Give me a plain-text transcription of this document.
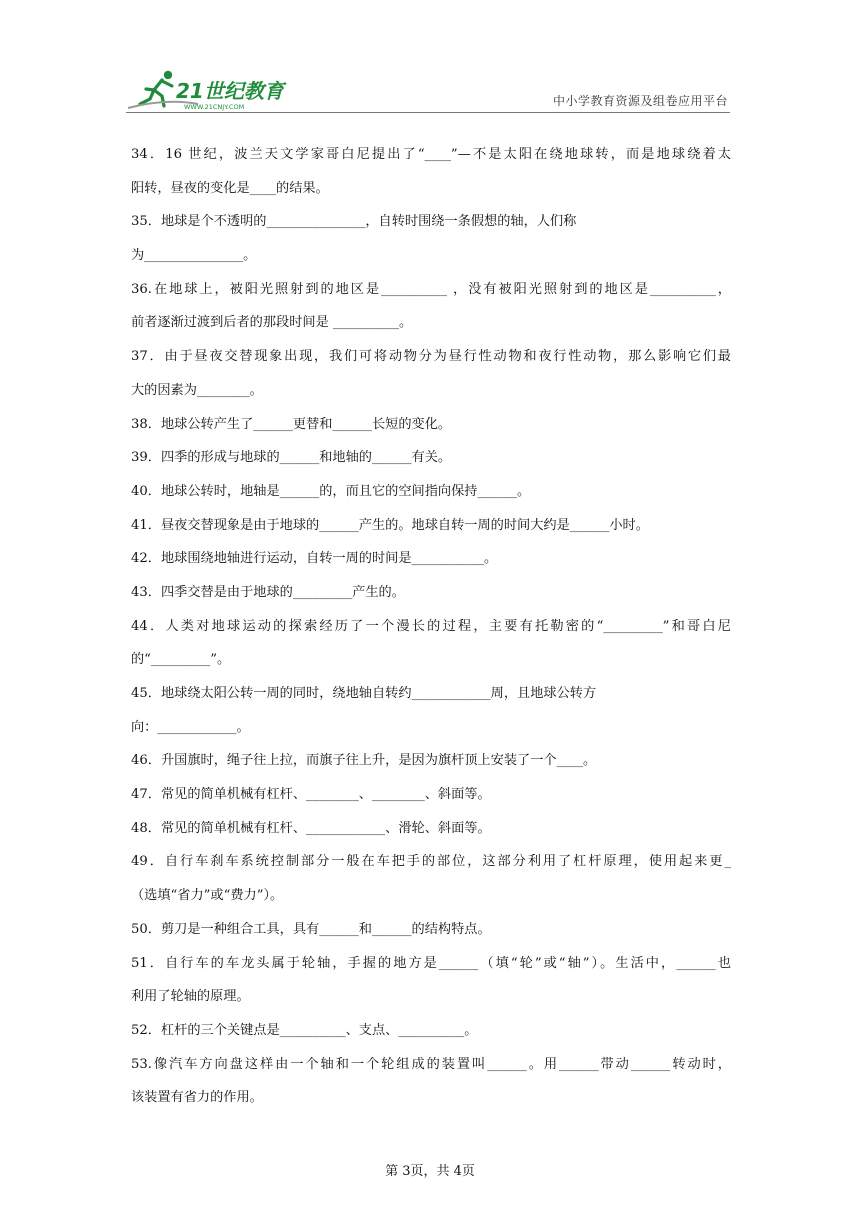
21世纪教育
WWW.21CNJY.COM	中小学教育资源及组卷应用平台
34．16 世纪，波兰天文学家哥白尼提出了“____”—不是太阳在绕地球转，而是地球绕着太
阳转，昼夜的变化是____的结果。
35．地球是个不透明的_______________，自转时围绕一条假想的轴，人们称
为_______________。
36.在地球上，被阳光照射到的地区是__________ ，没有被阳光照射到的地区是__________，
前者逐渐过渡到后者的那段时间是 __________。
37．由于昼夜交替现象出现，我们可将动物分为昼行性动物和夜行性动物，那么影响它们最
大的因素为________。
38．地球公转产生了______更替和______长短的变化。
39．四季的形成与地球的______和地轴的______有关。
40．地球公转时，地轴是______的，而且它的空间指向保持______。
41．昼夜交替现象是由于地球的______产生的。地球自转一周的时间大约是______小时。
42．地球围绕地轴进行运动，自转一周的时间是___________。
43．四季交替是由于地球的_________产生的。
44．人类对地球运动的探索经历了一个漫长的过程，主要有托勒密的“_________”和哥白尼
的“_________”。
45．地球绕太阳公转一周的同时，绕地轴自转约____________周，且地球公转方
向：____________。
46．升国旗时，绳子往上拉，而旗子往上升，是因为旗杆顶上安装了一个____。
47．常见的简单机械有杠杆、________、________、斜面等。
48．常见的简单机械有杠杆、____________、滑轮、斜面等。
49．自行车刹车系统控制部分一般在车把手的部位，这部分利用了杠杆原理，使用起来更_
（选填“省力”或“费力”）。
50．剪刀是一种组合工具，具有______和______的结构特点。
51．自行车的车龙头属于轮轴，手握的地方是______（填“轮”或“轴”）。生活中，______也
利用了轮轴的原理。
52．杠杆的三个关键点是__________、支点、__________。
53.像汽车方向盘这样由一个轴和一个轮组成的装置叫______。用______带动______转动时，
该装置有省力的作用。
第 3页，共 4页
